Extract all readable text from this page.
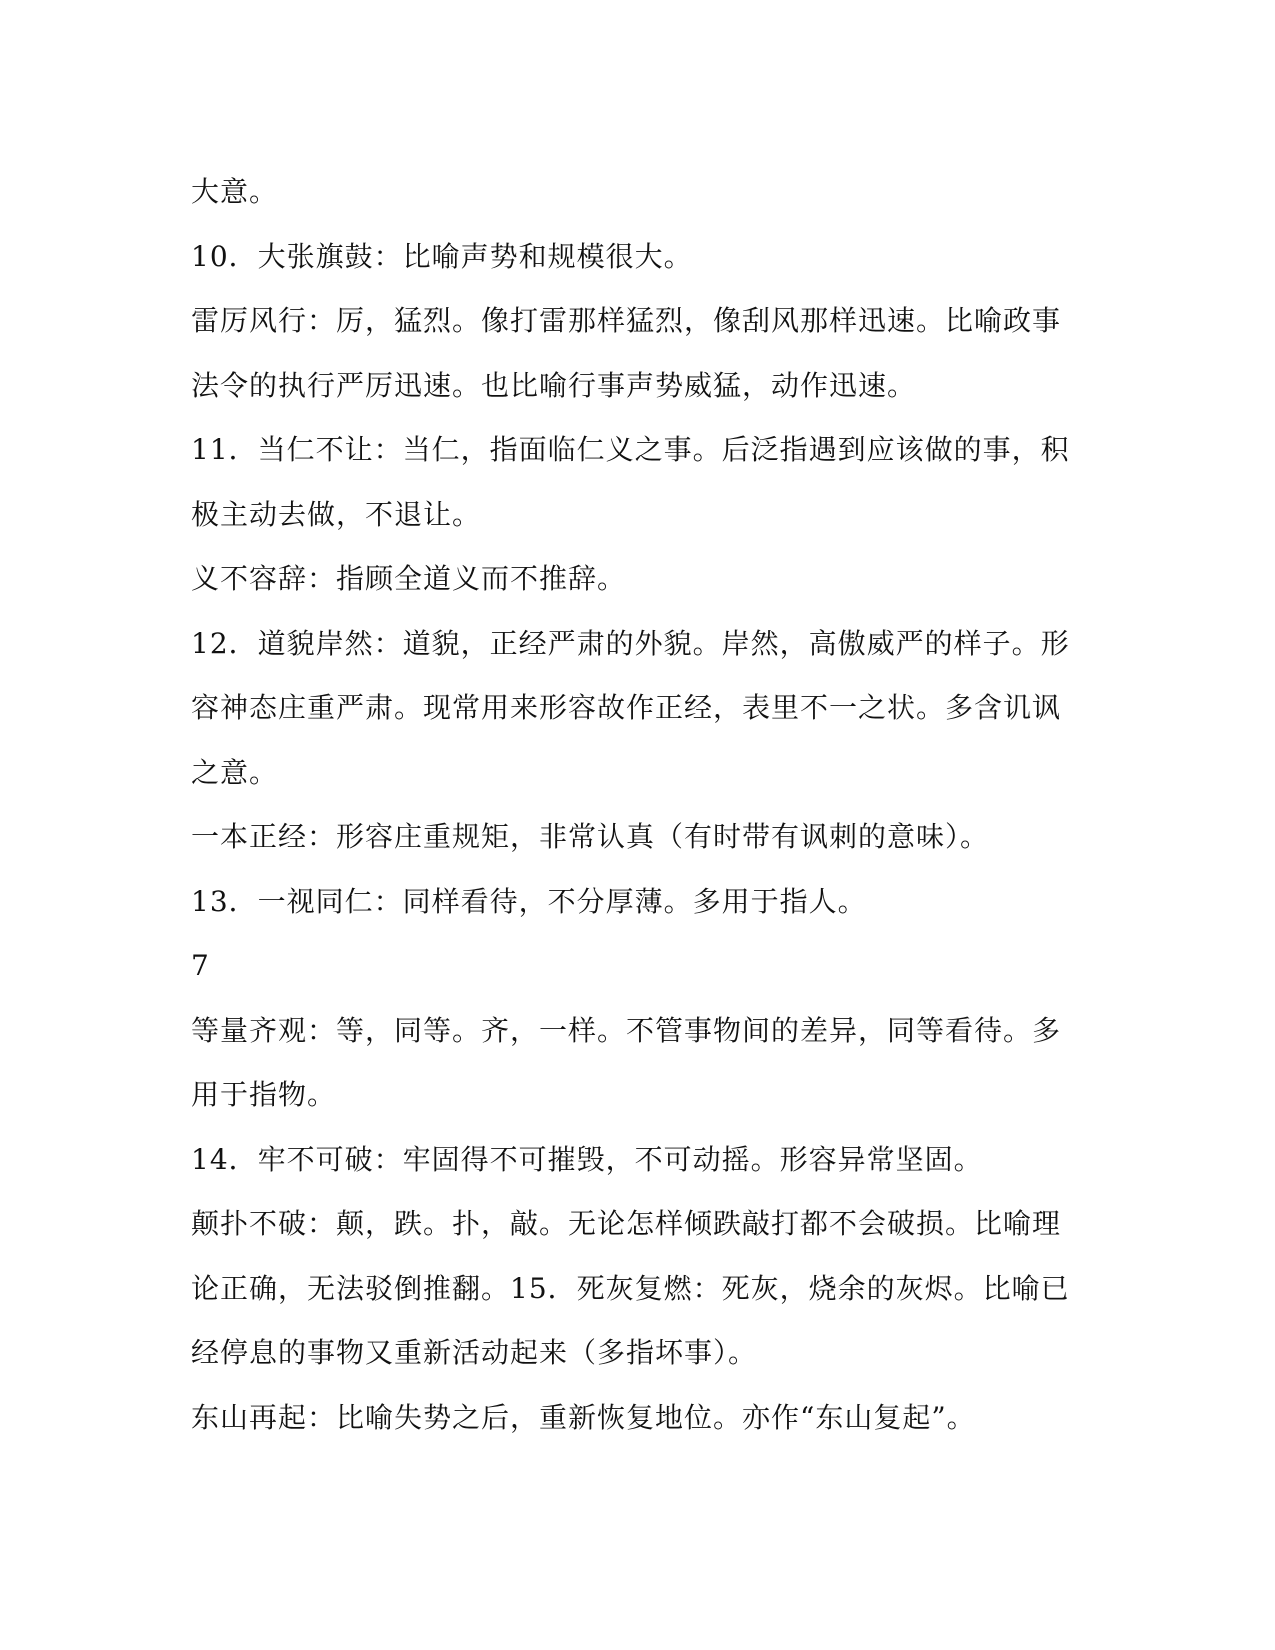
大意。
10．大张旗鼓：比喻声势和规模很大。
雷厉风行：厉，猛烈。像打雷那样猛烈，像刮风那样迅速。比喻政事
法令的执行严厉迅速。也比喻行事声势威猛，动作迅速。
11．当仁不让：当仁，指面临仁义之事。后泛指遇到应该做的事，积
极主动去做，不退让。
义不容辞：指顾全道义而不推辞。
12．道貌岸然：道貌，正经严肃的外貌。岸然，高傲威严的样子。形
容神态庄重严肃。现常用来形容故作正经，表里不一之状。多含讥讽
之意。
一本正经：形容庄重规矩，非常认真（有时带有讽刺的意味）。
13．一视同仁：同样看待，不分厚薄。多用于指人。
7
等量齐观：等，同等。齐，一样。不管事物间的差异，同等看待。多
用于指物。
14．牢不可破：牢固得不可摧毁，不可动摇。形容异常坚固。
颠扑不破：颠，跌。扑，敲。无论怎样倾跌敲打都不会破损。比喻理
论正确，无法驳倒推翻。15．死灰复燃：死灰，烧余的灰烬。比喻已
经停息的事物又重新活动起来（多指坏事）。
东山再起：比喻失势之后，重新恢复地位。亦作“东山复起”。
